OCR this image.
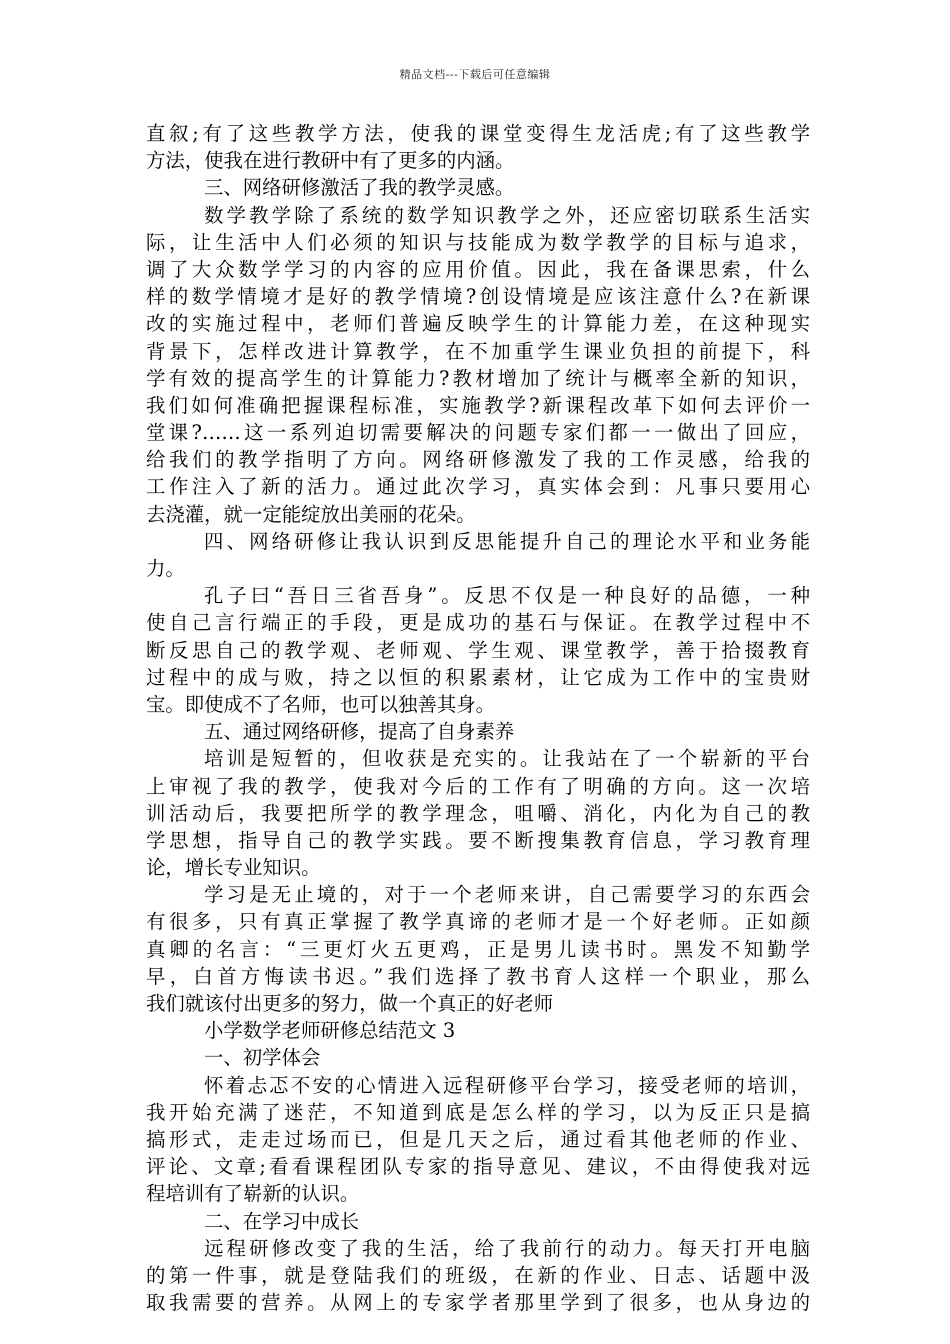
精品文档---下载后可任意编辑
直叙;有了这些教学方法，使我的课堂变得生龙活虎;有了这些教学
方法，使我在进行教研中有了更多的内涵。
三、网络研修激活了我的教学灵感。
数学教学除了系统的数学知识教学之外，还应密切联系生活实
际，让生活中人们必须的知识与技能成为数学教学的目标与追求，
调了大众数学学习的内容的应用价值。因此，我在备课思索，什么
样的数学情境才是好的教学情境?创设情境是应该注意什么?在新课
改的实施过程中，老师们普遍反映学生的计算能力差，在这种现实
背景下，怎样改进计算教学，在不加重学生课业负担的前提下，科
学有效的提高学生的计算能力?教材增加了统计与概率全新的知识，
我们如何准确把握课程标准，实施教学?新课程改革下如何去评价一
堂课?……这一系列迫切需要解决的问题专家们都一一做出了回应，
给我们的教学指明了方向。网络研修激发了我的工作灵感，给我的
工作注入了新的活力。通过此次学习，真实体会到：凡事只要用心
去浇灌，就一定能绽放出美丽的花朵。
四、网络研修让我认识到反思能提升自己的理论水平和业务能
力。
孔子曰“吾日三省吾身”。反思不仅是一种良好的品德，一种
使自己言行端正的手段，更是成功的基石与保证。在教学过程中不
断反思自己的教学观、老师观、学生观、课堂教学，善于拾掇教育
过程中的成与败，持之以恒的积累素材，让它成为工作中的宝贵财
宝。即使成不了名师，也可以独善其身。
五、通过网络研修，提高了自身素养
培训是短暂的，但收获是充实的。让我站在了一个崭新的平台
上审视了我的教学，使我对今后的工作有了明确的方向。这一次培
训活动后，我要把所学的教学理念，咀嚼、消化，内化为自己的教
学思想，指导自己的教学实践。要不断搜集教育信息，学习教育理
论，增长专业知识。
学习是无止境的，对于一个老师来讲，自己需要学习的东西会
有很多，只有真正掌握了教学真谛的老师才是一个好老师。正如颜
真卿的名言：“三更灯火五更鸡，正是男儿读书时。黑发不知勤学
早，白首方悔读书迟。”我们选择了教书育人这样一个职业，那么
我们就该付出更多的努力，做一个真正的好老师
小学数学老师研修总结范文 3
一、初学体会
怀着忐忑不安的心情进入远程研修平台学习，接受老师的培训，
我开始充满了迷茫，不知道到底是怎么样的学习，以为反正只是搞
搞形式，走走过场而已，但是几天之后，通过看其他老师的作业、
评论、文章;看看课程团队专家的指导意见、建议，不由得使我对远
程培训有了崭新的认识。
二、在学习中成长
远程研修改变了我的生活，给了我前行的动力。每天打开电脑
的第一件事，就是登陆我们的班级，在新的作业、日志、话题中汲
取我需要的营养。从网上的专家学者那里学到了很多，也从身边的
